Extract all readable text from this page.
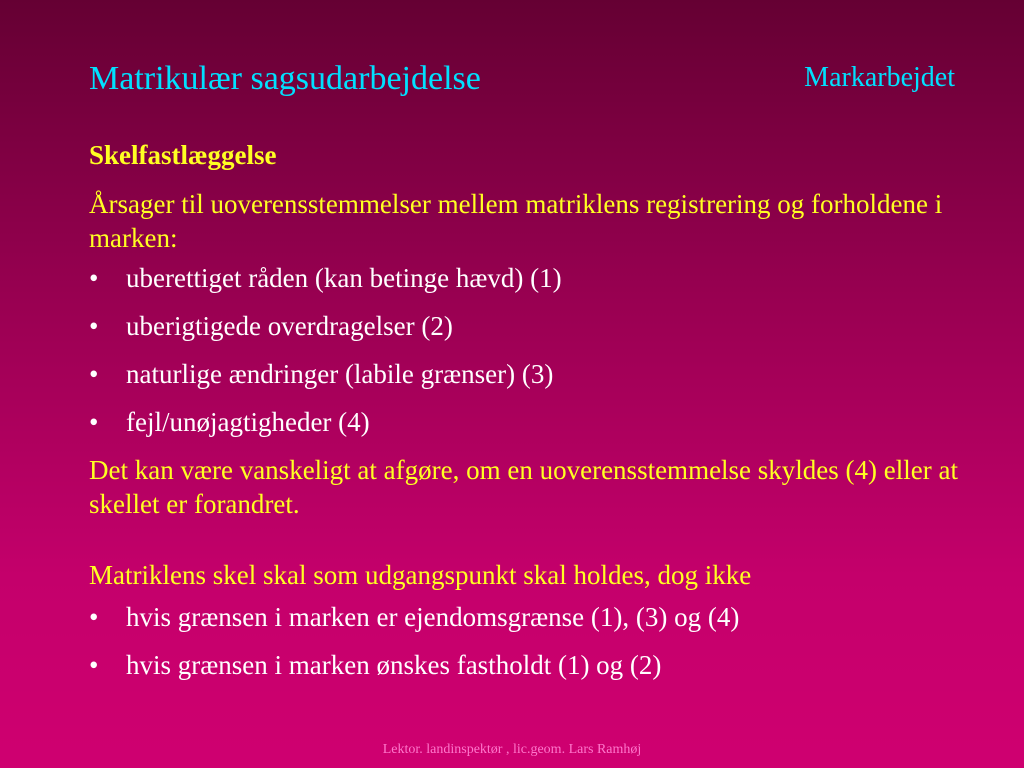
Matrikulær sagsudarbejdelse	Markarbejdet
Skelfastlæggelse

Årsager til uoverensstemmelser mellem matriklens registrering og forholdene i marken:

• uberettiget råden (kan betinge hævd) (1)
• uberigtigede overdragelser (2)
• naturlige ændringer (labile grænser) (3)
• fejl/unøjagtigheder (4)

Det kan være vanskeligt at afgøre, om en uoverensstemmelse skyldes (4) eller at skellet er forandret.

Matriklens skel skal som udgangspunkt skal holdes, dog ikke

• hvis grænsen i marken er ejendomsgrænse (1), (3) og (4)
• hvis grænsen i marken ønskes fastholdt (1) og (2)
Lektor. landinspektør , lic.geom. Lars Ramhøj
